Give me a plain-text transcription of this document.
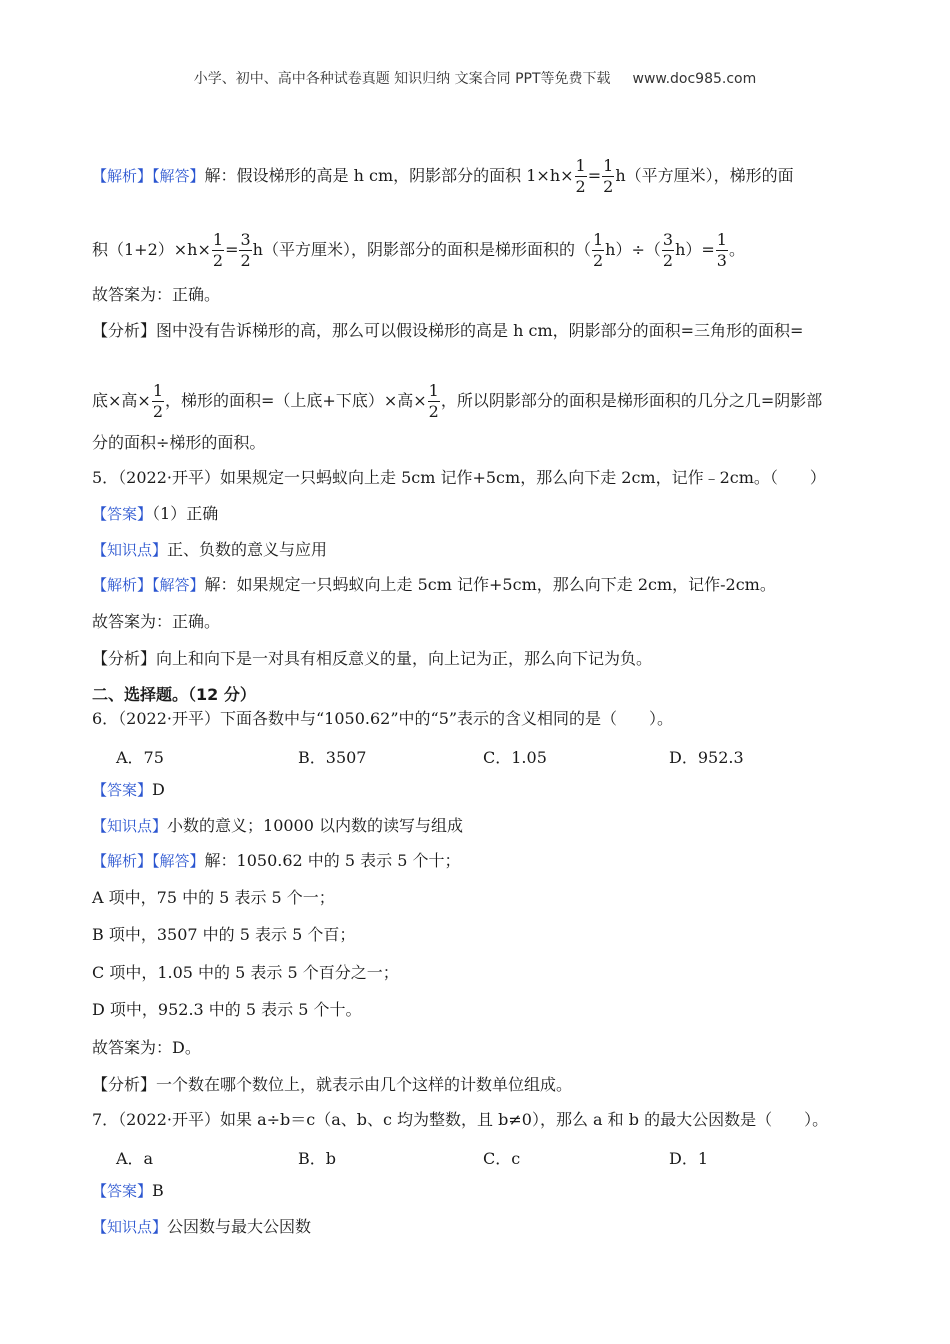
小学、初中、高中各种试卷真题 知识归纳 文案合同 PPT等免费下载 www.doc985.com
【解析】【解答】解：假设梯形的高是 h cm，阴影部分的面积 $1\times h\times \frac{1}{2} = \frac{1}{2} h$（平方厘米），梯形的面
积$(1+2)\times h\times \frac{1}{2} = \frac{3}{2} h$（平方厘米），阴影部分的面积是梯形面积的（ $\frac{1}{2} h)\div( \frac{3}{2} h)= \frac{1}{3}$ 。
故答案为：正确。
【分析】图中没有告诉梯形的高，那么可以假设梯形的高是 h cm，阴影部分的面积=三角形的面积=
底×高× $\frac{1}{2}$ ，梯形的面积=（上底+下底）×高× $\frac{1}{2}$ ，所以阴影部分的面积是梯形面积的几分之几=阴影部
分的面积÷梯形的面积。
5．（2022·开平）如果规定一只蚂蚁向上走 5cm 记作+5cm，那么向下走 2cm，记作﹣2cm。（　　）
【答案】（1）正确
【知识点】正、负数的意义与应用
【解析】【解答】解：如果规定一只蚂蚁向上走 5cm 记作+5cm，那么向下走 2cm，记作-2cm。
故答案为：正确。
【分析】向上和向下是一对具有相反意义的量，向上记为正，那么向下记为负。
二、选择题。（12 分）
6．（2022·开平）下面各数中与“1050.62”中的“5”表示的含义相同的是（　　）。
A．75	B．3507	C．1.05	D．952.3
【答案】D
【知识点】小数的意义；10000 以内数的读写与组成
【解析】【解答】解：1050.62 中的 5 表示 5 个十；
A 项中，75 中的 5 表示 5 个一；
B 项中，3507 中的 5 表示 5 个百；
C 项中，1.05 中的 5 表示 5 个百分之一；
D 项中，952.3 中的 5 表示 5 个十。
故答案为：D。
【分析】一个数在哪个数位上，就表示由几个这样的计数单位组成。
7．（2022·开平）如果 a÷b＝c（a、b、c 均为整数，且 b≠0），那么 a 和 b 的最大公因数是（　　）。
A．a	B．b	C．c	D．1
【答案】B
【知识点】公因数与最大公因数
